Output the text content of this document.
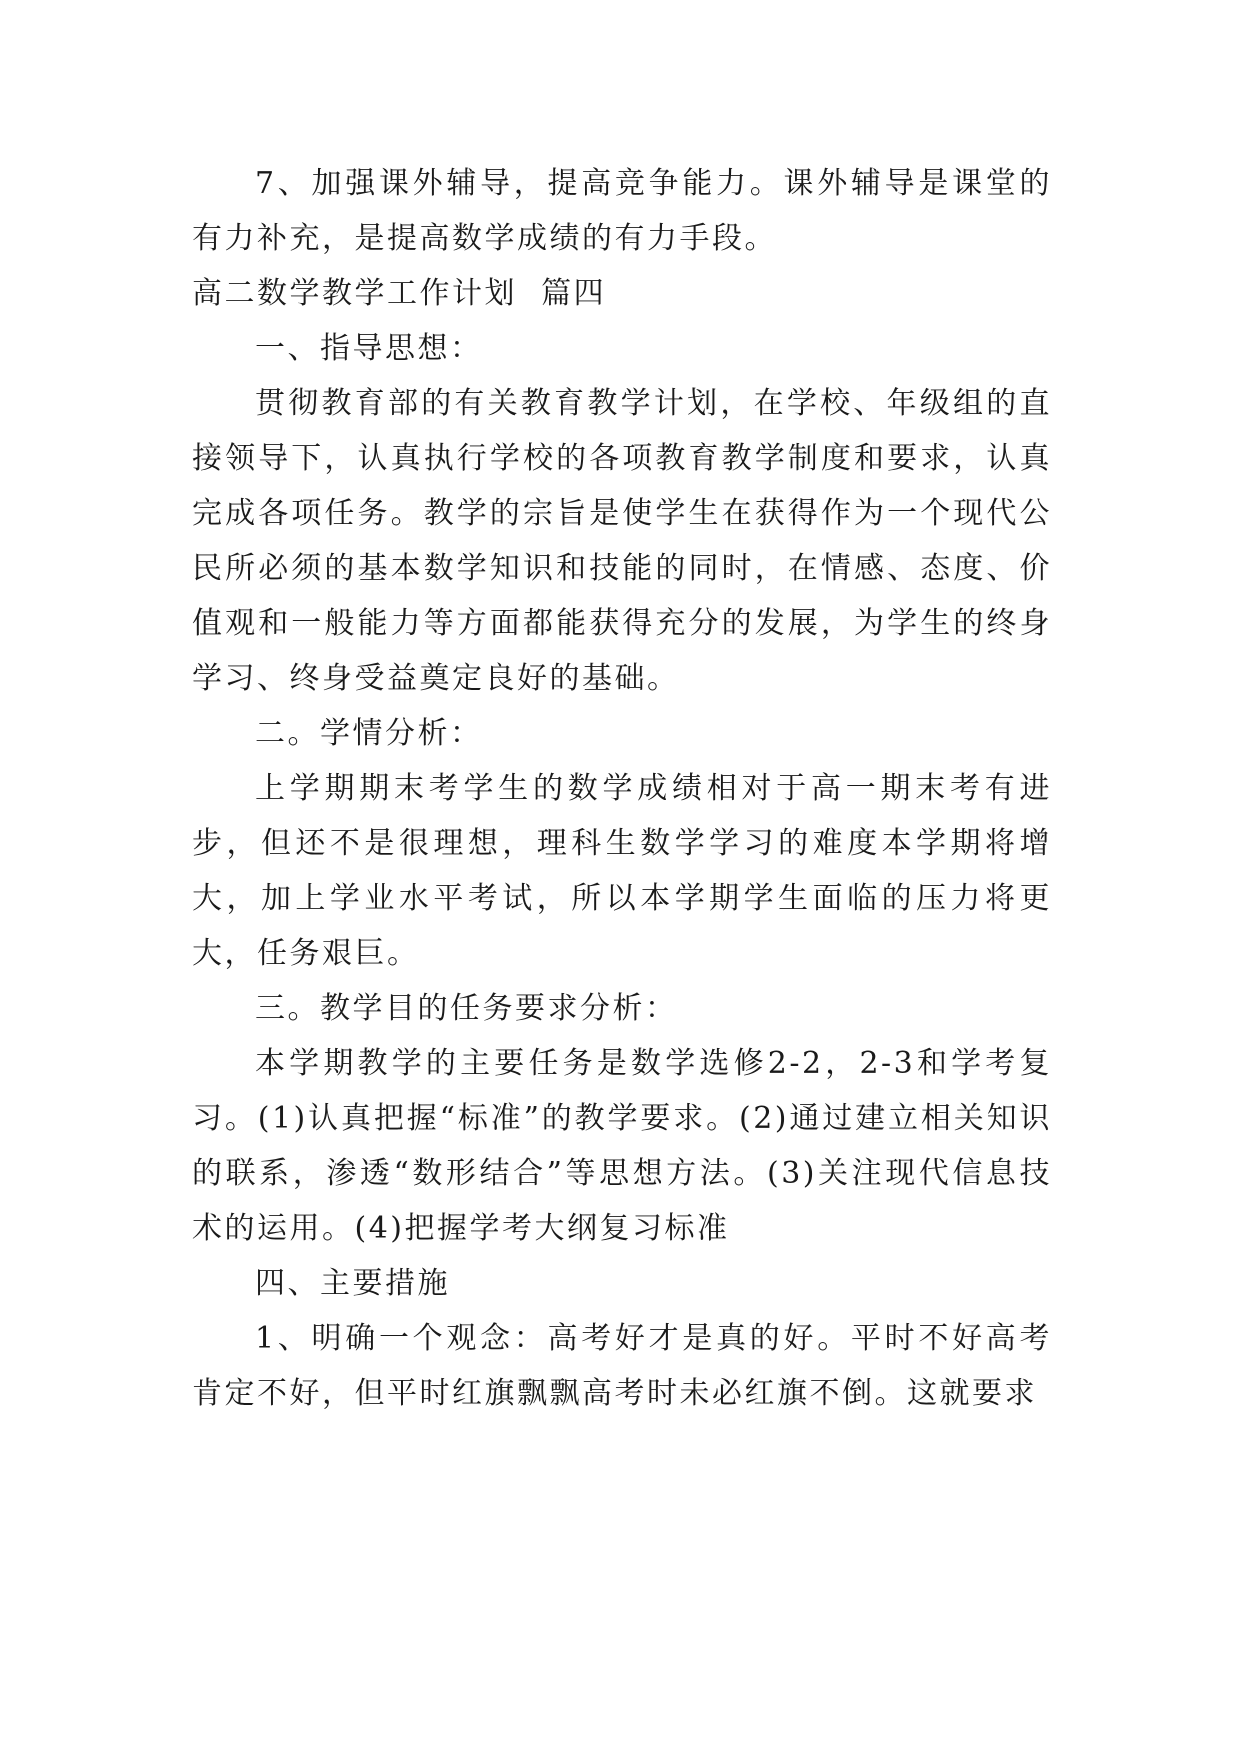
7、加强课外辅导，提高竞争能力。课外辅导是课堂的有力补充，是提高数学成绩的有力手段。

高二数学教学工作计划  篇四

一、指导思想：

贯彻教育部的有关教育教学计划，在学校、年级组的直接领导下，认真执行学校的各项教育教学制度和要求，认真完成各项任务。教学的宗旨是使学生在获得作为一个现代公民所必须的基本数学知识和技能的同时，在情感、态度、价值观和一般能力等方面都能获得充分的发展，为学生的终身学习、终身受益奠定良好的基础。

二。学情分析：

上学期期末考学生的数学成绩相对于高一期末考有进步，但还不是很理想，理科生数学学习的难度本学期将增大，加上学业水平考试，所以本学期学生面临的压力将更大，任务艰巨。

三。教学目的任务要求分析：

本学期教学的主要任务是数学选修2-2，2-3和学考复习。(1)认真把握“标准”的教学要求。(2)通过建立相关知识的联系，渗透“数形结合”等思想方法。(3)关注现代信息技术的运用。(4)把握学考大纲复习标准

四、主要措施

1、明确一个观念：高考好才是真的好。平时不好高考肯定不好，但平时红旗飘飘高考时未必红旗不倒。这就要求
